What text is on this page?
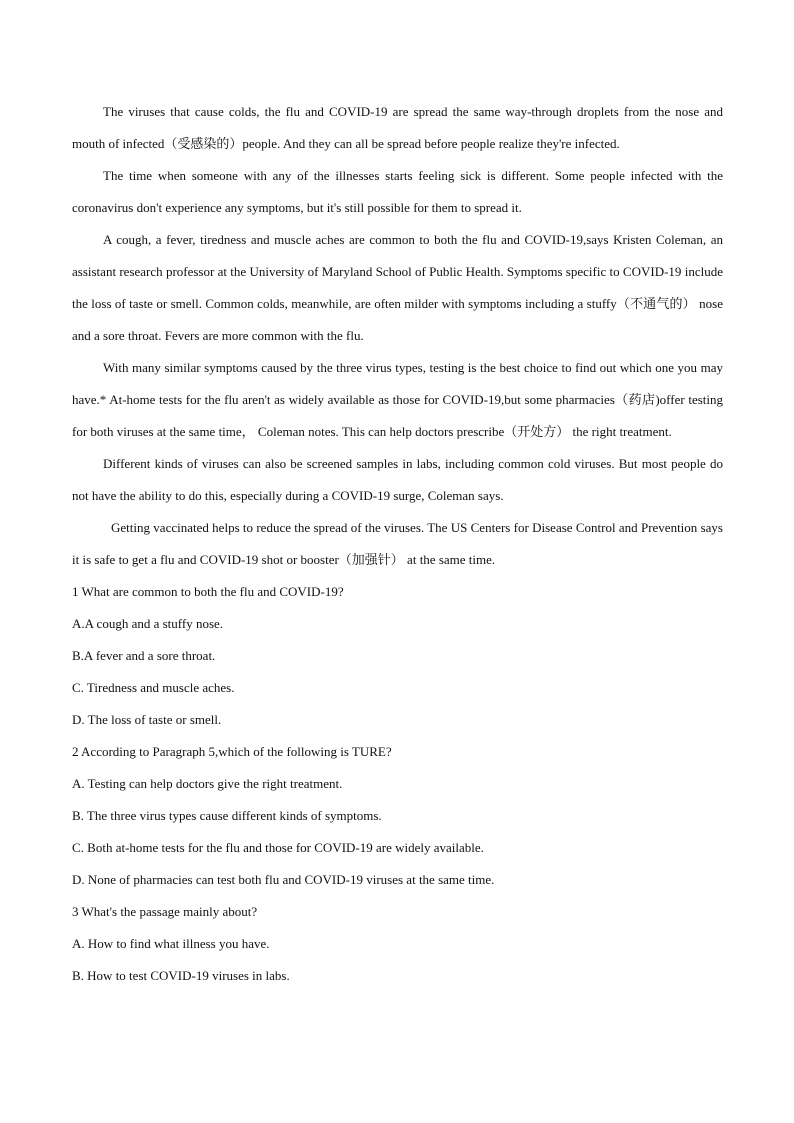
The viruses that cause colds, the flu and COVID-19 are spread the same way-through droplets from the nose and mouth of infected（受感染的）people. And they can all be spread before people realize they're infected.

The time when someone with any of the illnesses starts feeling sick is different. Some people infected with the coronavirus don't experience any symptoms, but it's still possible for them to spread it.

A cough, a fever, tiredness and muscle aches are common to both the flu and COVID-19,says Kristen Coleman, an assistant research professor at the University of Maryland School of Public Health. Symptoms specific to COVID-19 include the loss of taste or smell. Common colds, meanwhile, are often milder with symptoms including a stuffy（不通气的） nose and a sore throat. Fevers are more common with the flu.

With many similar symptoms caused by the three virus types, testing is the best choice to find out which one you may have.* At-home tests for the flu aren't as widely available as those for COVID-19,but some pharmacies（药店)offer testing for both viruses at the same time， Coleman notes. This can help doctors prescribe（开处方） the right treatment.

Different kinds of viruses can also be screened samples in labs, including common cold viruses. But most people do not have the ability to do this, especially during a COVID-19 surge, Coleman says.

Getting vaccinated helps to reduce the spread of the viruses. The US Centers for Disease Control and Prevention says it is safe to get a flu and COVID-19 shot or booster（加强针） at the same time.

1 What are common to both the flu and COVID-19?

A.A cough and a stuffy nose.

B.A fever and a sore throat.

C. Tiredness and muscle aches.

D. The loss of taste or smell.

2 According to Paragraph 5,which of the following is TURE?

A. Testing can help doctors give the right treatment.

B. The three virus types cause different kinds of symptoms.

C. Both at-home tests for the flu and those for COVID-19 are widely available.

D. None of pharmacies can test both flu and COVID-19 viruses at the same time.

3 What's the passage mainly about?

A. How to find what illness you have.

B. How to test COVID-19 viruses in labs.
